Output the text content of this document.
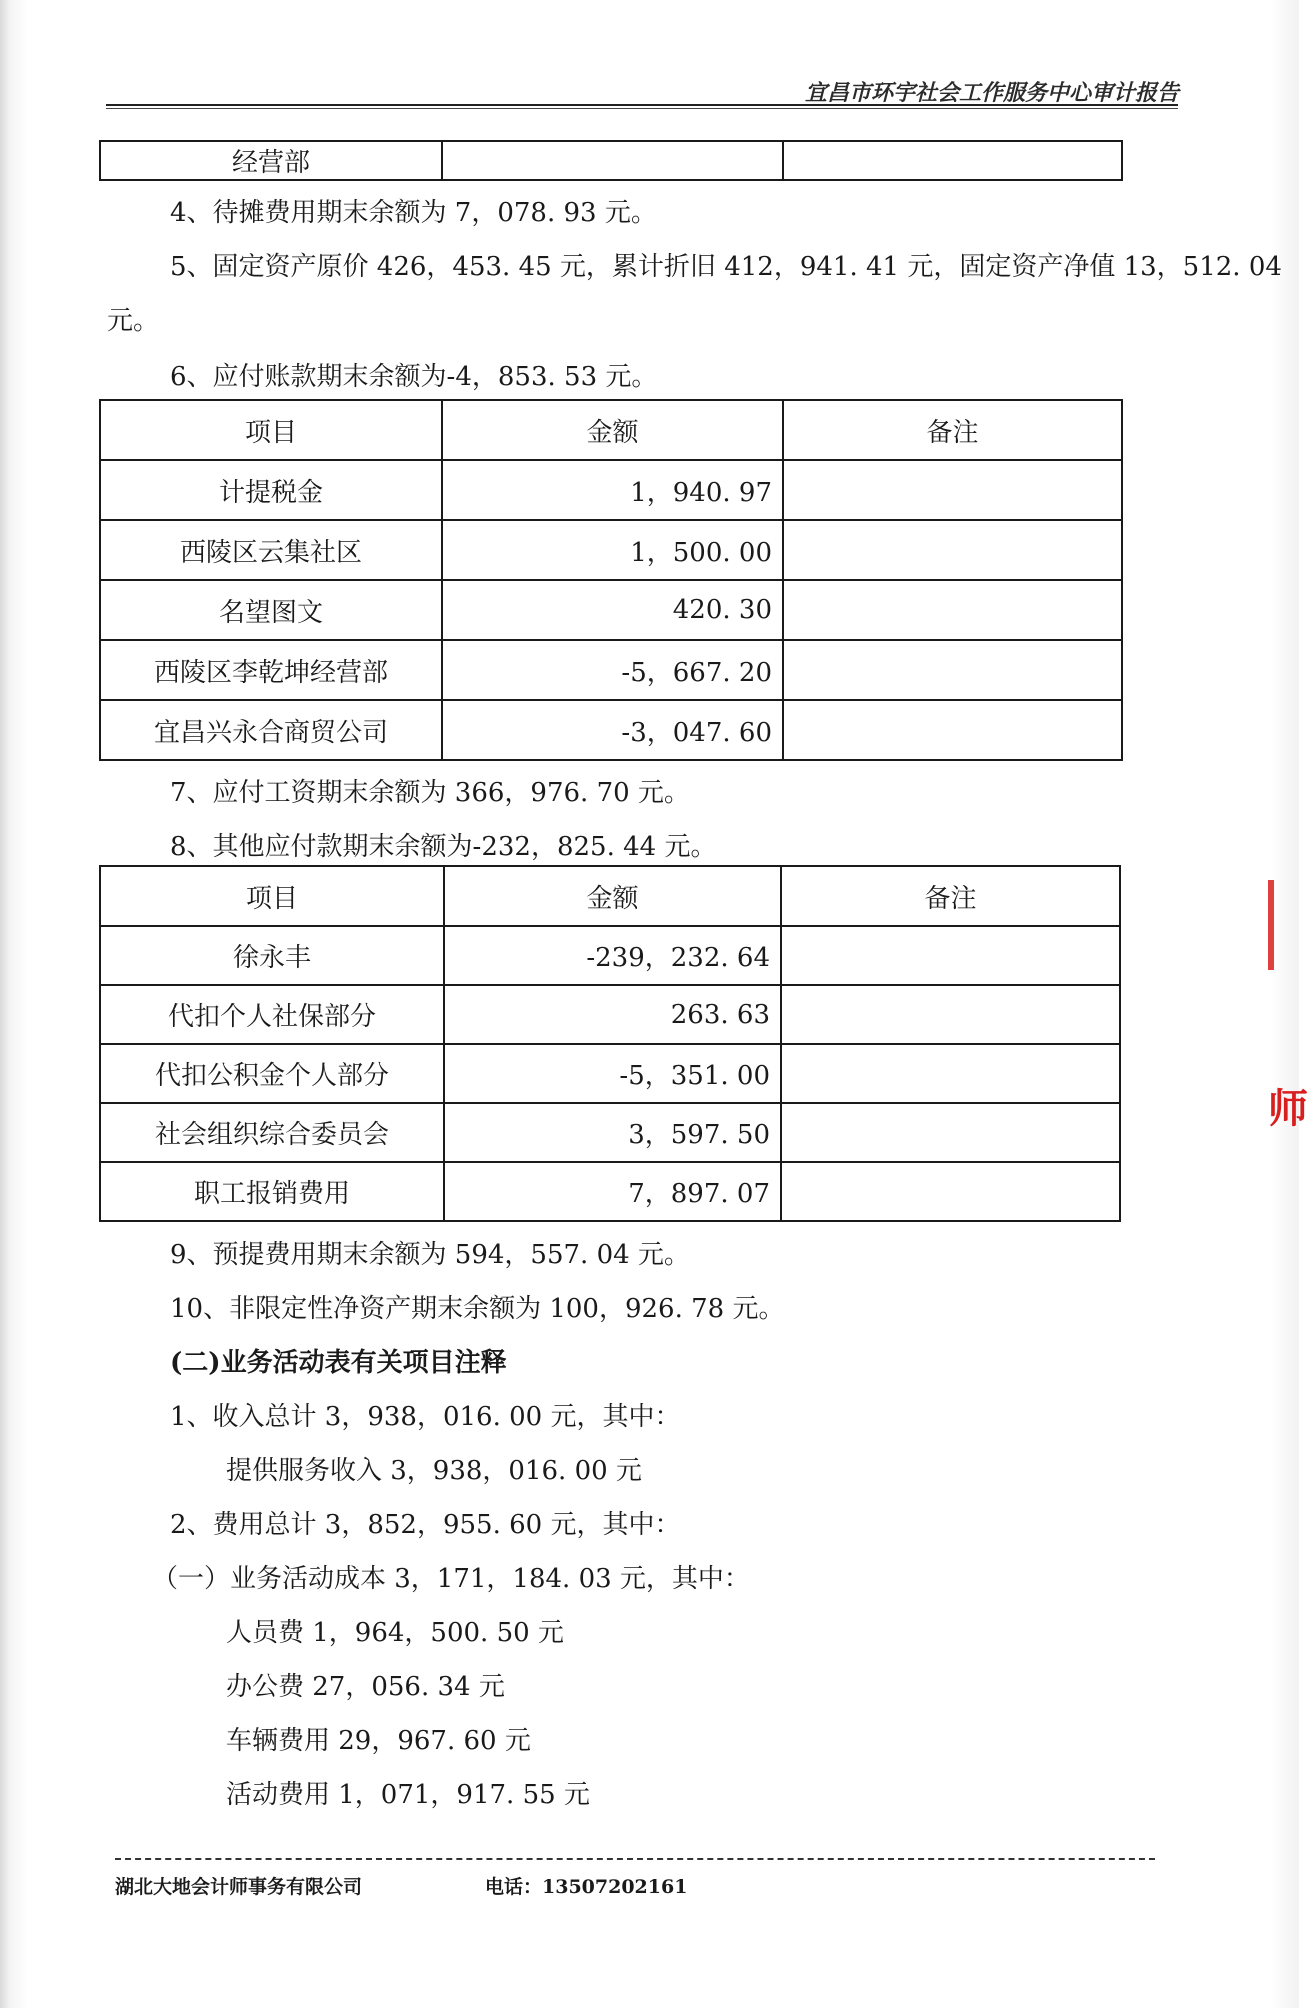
宜昌市环宇社会工作服务中心审计报告
经营部		
4、待摊费用期末余额为 7，078. 93 元。
5、固定资产原价 426，453. 45 元，累计折旧 412，941. 41 元，固定资产净值 13，512. 04
元。
6、应付账款期末余额为-4，853. 53 元。
项目	金额	备注
计提税金	1，940. 97	
西陵区云集社区	1，500. 00	
名望图文	420. 30	
西陵区李乾坤经营部	-5，667. 20	
宜昌兴永合商贸公司	-3，047. 60	
7、应付工资期末余额为 366，976. 70 元。
8、其他应付款期末余额为-232，825. 44 元。
项目	金额	备注
徐永丰	-239，232. 64	
代扣个人社保部分	263. 63	
代扣公积金个人部分	-5，351. 00	
社会组织综合委员会	3，597. 50	
职工报销费用	7，897. 07	
9、预提费用期末余额为 594，557. 04 元。
10、非限定性净资产期末余额为 100，926. 78 元。
(二)业务活动表有关项目注释
1、收入总计 3，938，016. 00 元，其中：
提供服务收入 3，938，016. 00 元
2、费用总计 3，852，955. 60 元，其中：
（一）业务活动成本 3，171，184. 03 元，其中：
人员费 1，964，500. 50 元
办公费 27，056. 34 元
车辆费用 29，967. 60 元
活动费用 1，071，917. 55 元
师
湖北大地会计师事务有限公司	电话：13507202161
